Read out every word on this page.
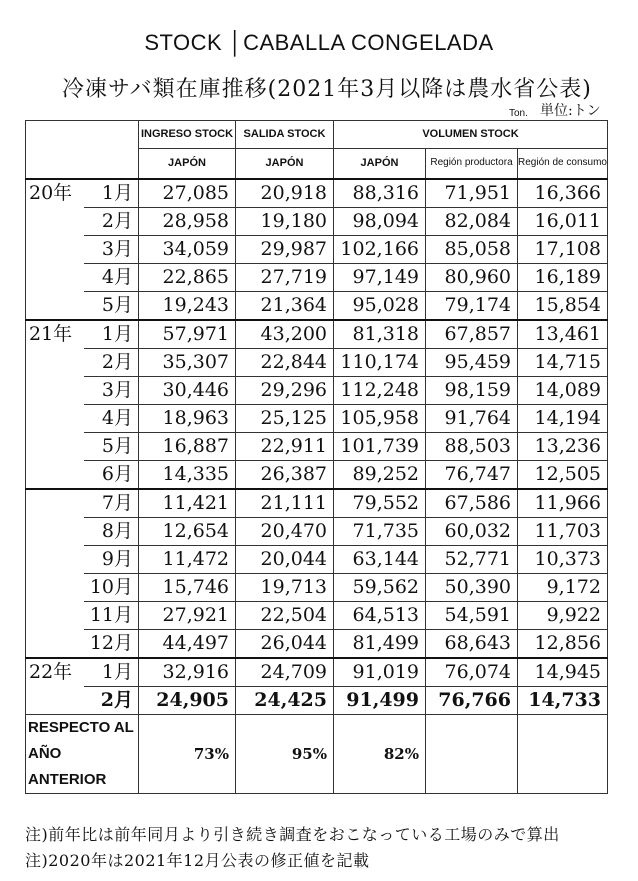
STOCK │CABALLA CONGELADA
冷凍サバ類在庫推移(2021年3月以降は農水省公表)
Ton. 単位:トン
		INGRESO STOCK	SALIDA STOCK	VOLUMEN STOCK		
		JAPÓN	JAPÓN	JAPÓN	Región productora	Región de consumo
20年	1月	27,085	20,918	88,316	71,951	16,366
	2月	28,958	19,180	98,094	82,084	16,011
	3月	34,059	29,987	102,166	85,058	17,108
	4月	22,865	27,719	97,149	80,960	16,189
	5月	19,243	21,364	95,028	79,174	15,854
21年	1月	57,971	43,200	81,318	67,857	13,461
	2月	35,307	22,844	110,174	95,459	14,715
	3月	30,446	29,296	112,248	98,159	14,089
	4月	18,963	25,125	105,958	91,764	14,194
	5月	16,887	22,911	101,739	88,503	13,236
	6月	14,335	26,387	89,252	76,747	12,505
	7月	11,421	21,111	79,552	67,586	11,966
	8月	12,654	20,470	71,735	60,032	11,703
	9月	11,472	20,044	63,144	52,771	10,373
	10月	15,746	19,713	59,562	50,390	9,172
	11月	27,921	22,504	64,513	54,591	9,922
	12月	44,497	26,044	81,499	68,643	12,856
22年	1月	32,916	24,709	91,019	76,074	14,945
	2月	24,905	24,425	91,499	76,766	14,733
RESPECTO AL AÑO ANTERIOR		73%	95%	82%		
注)前年比は前年同月より引き続き調査をおこなっている工場のみで算出
注)2020年は2021年12月公表の修正値を記載
